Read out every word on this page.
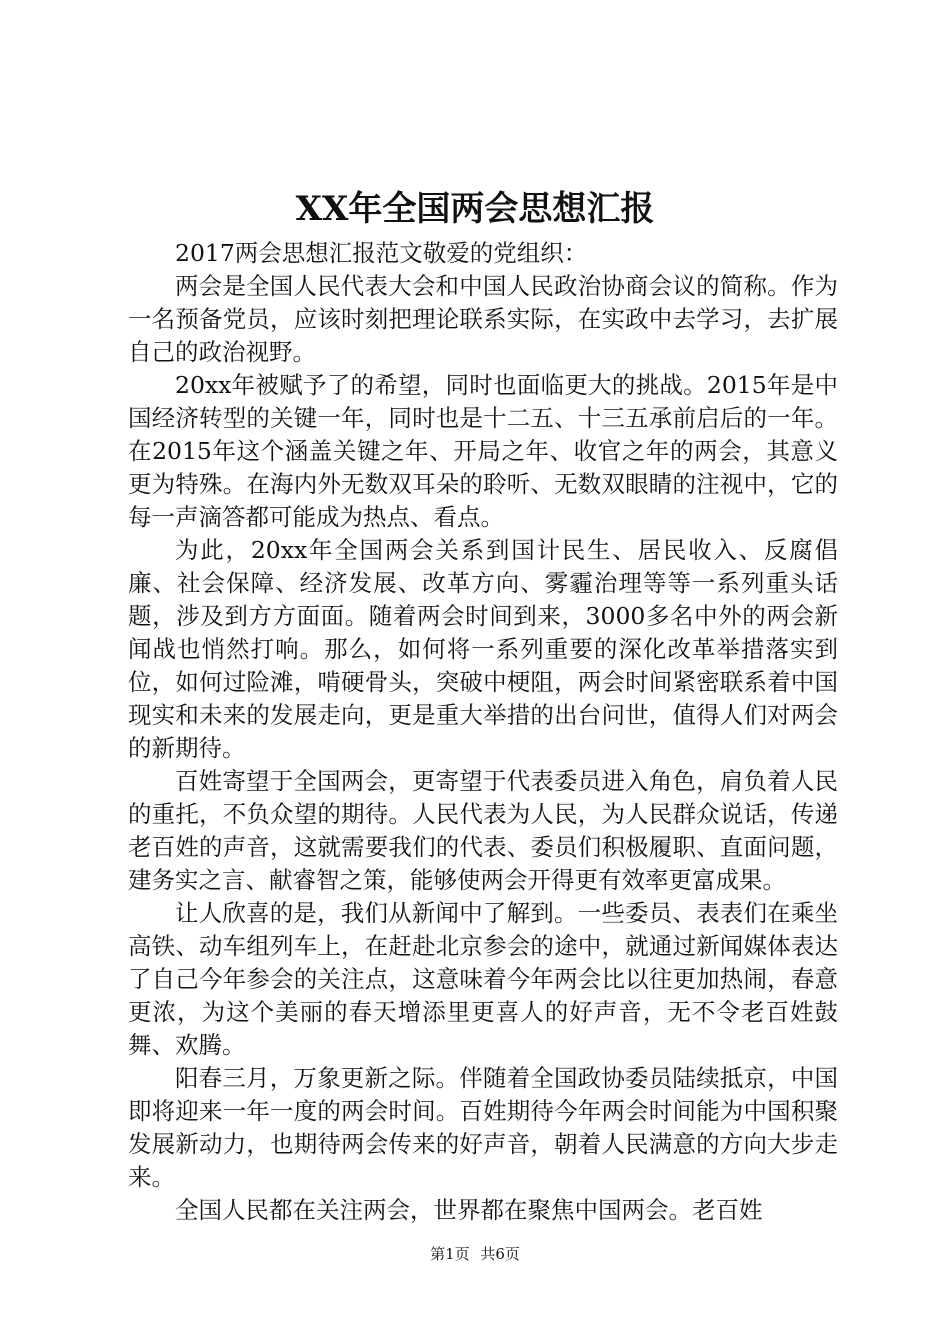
XX年全国两会思想汇报

2017两会思想汇报范文敬爱的党组织：

两会是全国人民代表大会和中国人民政治协商会议的简称。作为一名预备党员，应该时刻把理论联系实际，在实政中去学习，去扩展自己的政治视野。

20xx年被赋予了的希望，同时也面临更大的挑战。2015年是中国经济转型的关键一年，同时也是十二五、十三五承前启后的一年。在2015年这个涵盖关键之年、开局之年、收官之年的两会，其意义更为特殊。在海内外无数双耳朵的聆听、无数双眼睛的注视中，它的每一声滴答都可能成为热点、看点。

为此，20xx年全国两会关系到国计民生、居民收入、反腐倡廉、社会保障、经济发展、改革方向、雾霾治理等等一系列重头话题，涉及到方方面面。随着两会时间到来，3000多名中外的两会新闻战也悄然打响。那么，如何将一系列重要的深化改革举措落实到位，如何过险滩，啃硬骨头，突破中梗阻，两会时间紧密联系着中国现实和未来的发展走向，更是重大举措的出台问世，值得人们对两会的新期待。

百姓寄望于全国两会，更寄望于代表委员进入角色，肩负着人民的重托，不负众望的期待。人民代表为人民，为人民群众说话，传递老百姓的声音，这就需要我们的代表、委员们积极履职、直面问题，建务实之言、献睿智之策，能够使两会开得更有效率更富成果。

让人欣喜的是，我们从新闻中了解到。一些委员、表表们在乘坐高铁、动车组列车上，在赶赴北京参会的途中，就通过新闻媒体表达了自己今年参会的关注点，这意味着今年两会比以往更加热闹，春意更浓，为这个美丽的春天增添里更喜人的好声音，无不令老百姓鼓舞、欢腾。

阳春三月，万象更新之际。伴随着全国政协委员陆续抵京，中国即将迎来一年一度的两会时间。百姓期待今年两会时间能为中国积聚发展新动力，也期待两会传来的好声音，朝着人民满意的方向大步走来。

全国人民都在关注两会，世界都在聚焦中国两会。老百姓

第1页 共6页
